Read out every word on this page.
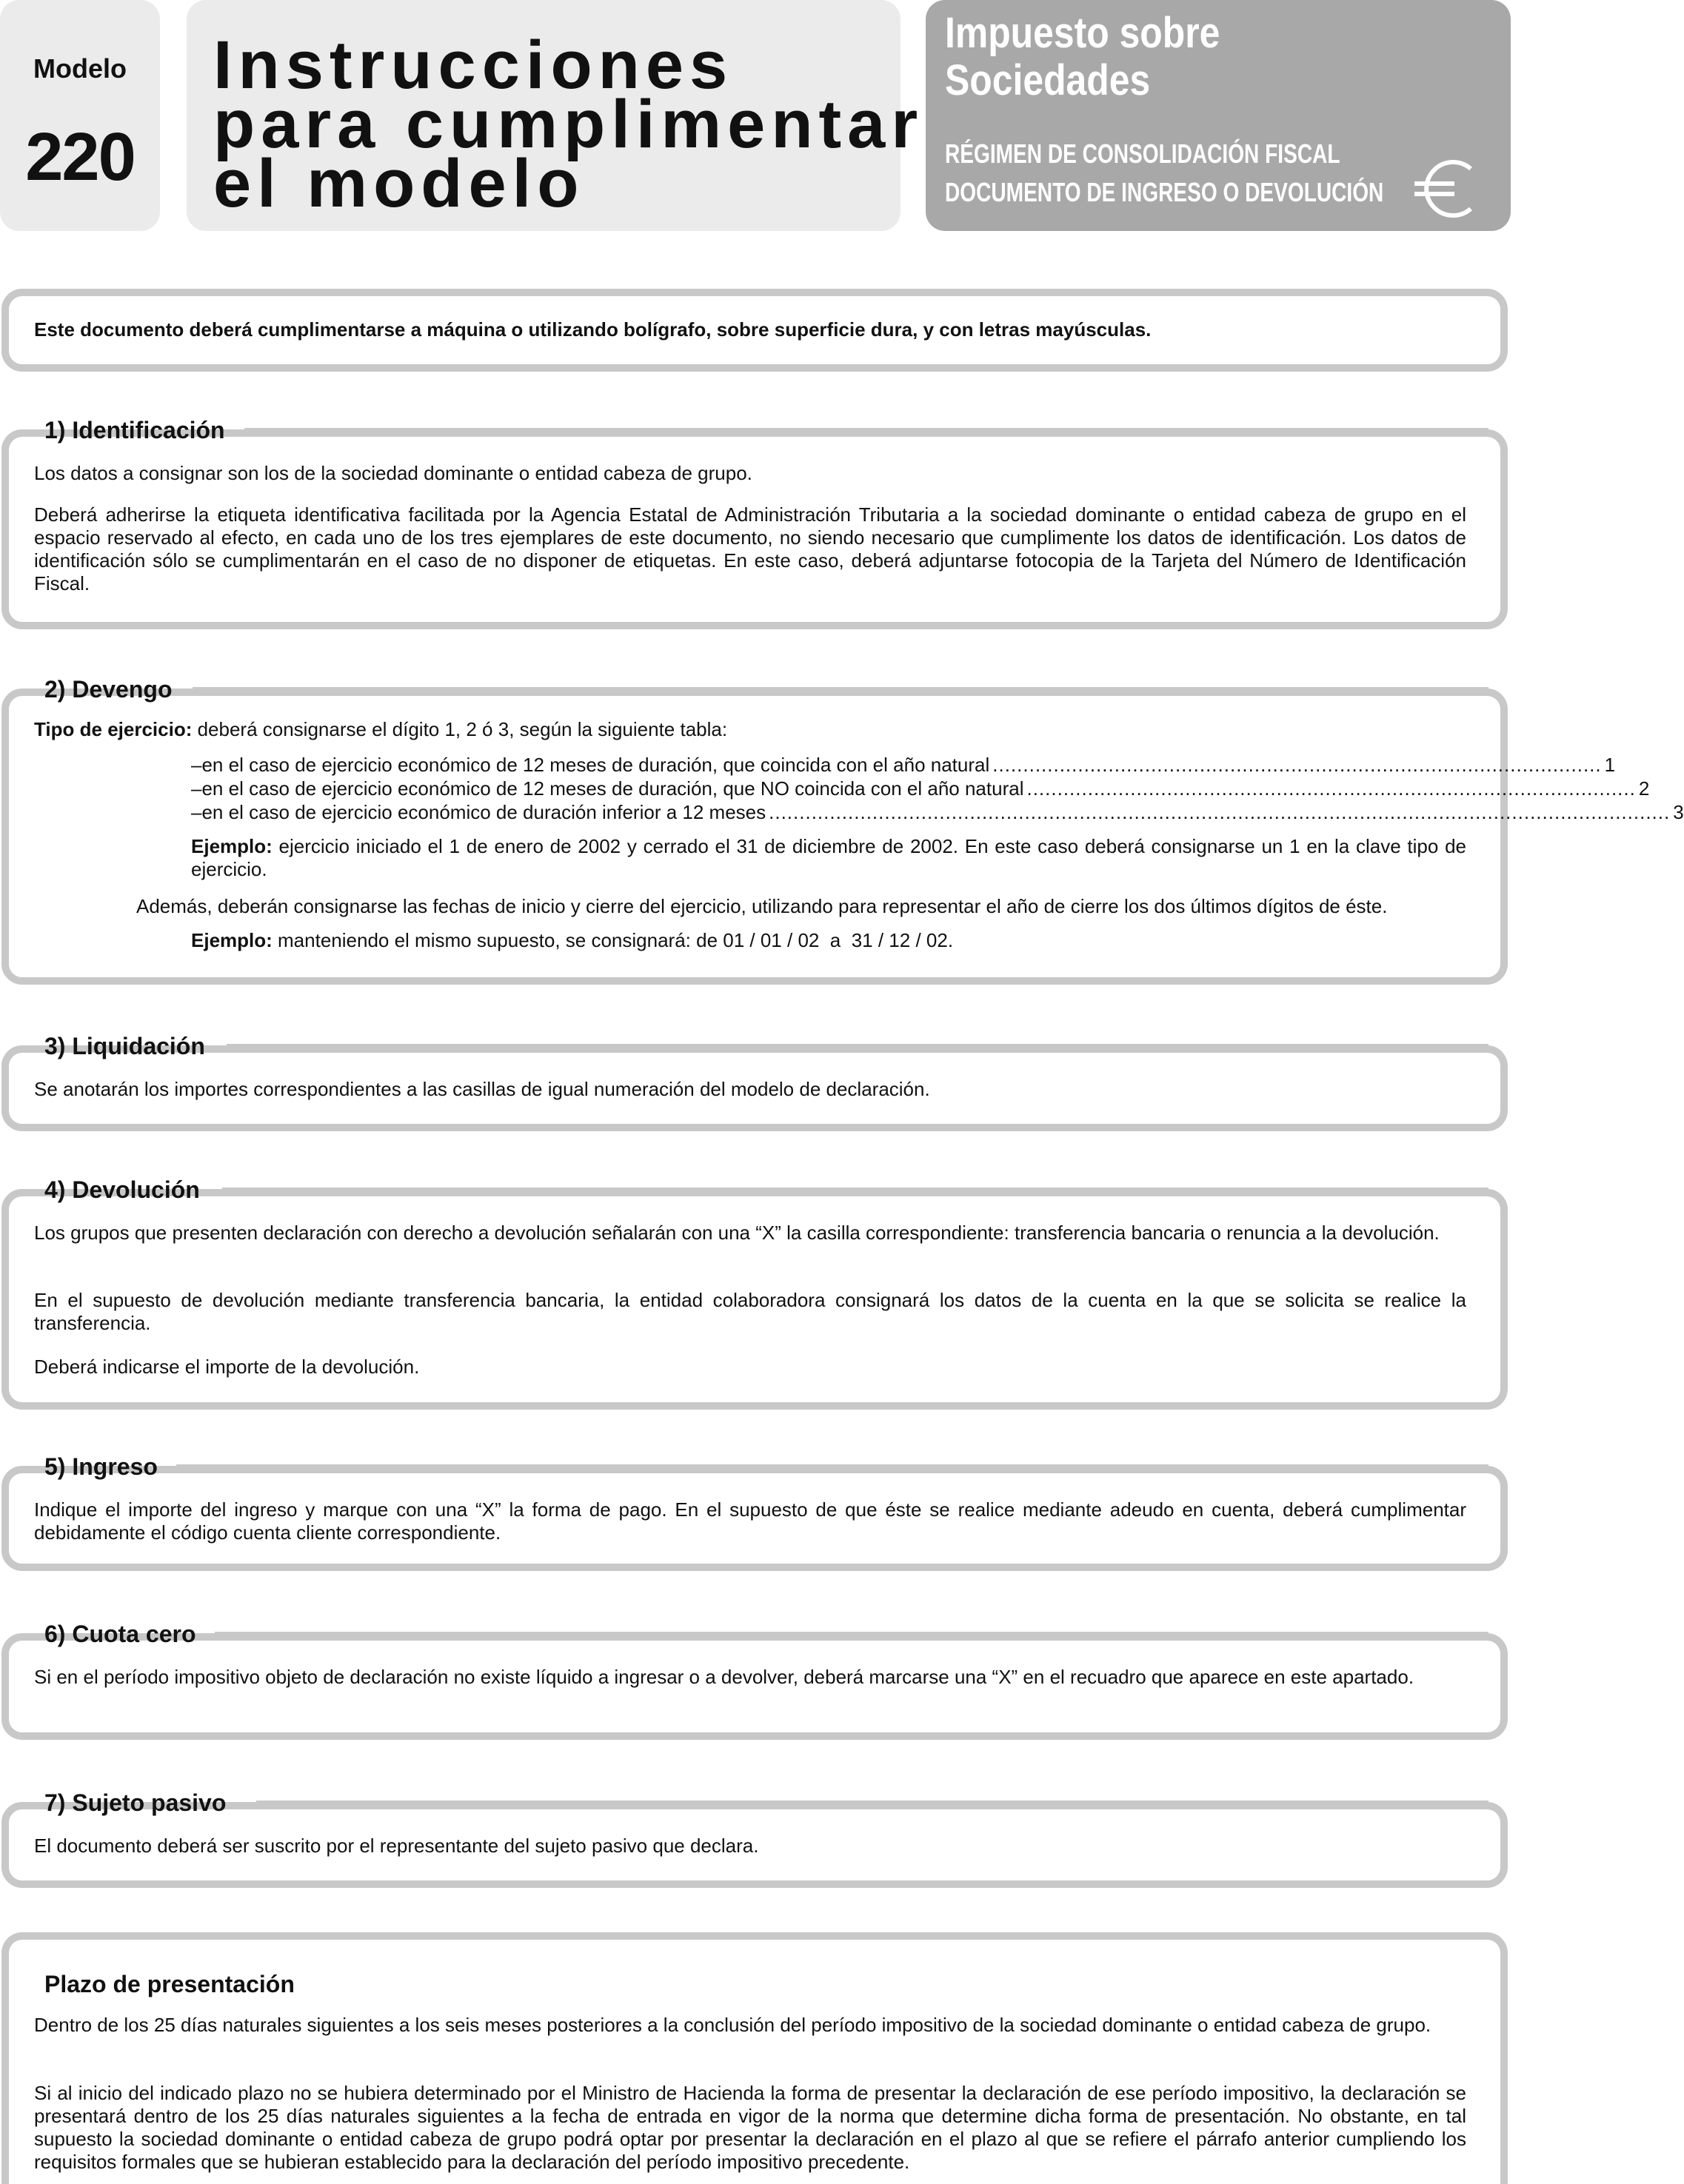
Modelo
220
Instrucciones
para cumplimentar
el modelo
Impuesto sobre
Sociedades
RÉGIMEN DE CONSOLIDACIÓN FISCAL
DOCUMENTO DE INGRESO O DEVOLUCIÓN
Este documento deberá cumplimentarse a máquina o utilizando bolígrafo, sobre superficie dura, y con letras mayúsculas.
1) Identificación
Los datos a consignar son los de la sociedad dominante o entidad cabeza de grupo.
Deberá adherirse la etiqueta identificativa facilitada por la Agencia Estatal de Administración Tributaria a la sociedad dominante o entidad cabeza de grupo en el espacio reservado al efecto, en cada uno de los tres ejemplares de este documento, no siendo necesario que cumplimente los datos de identificación. Los datos de identificación sólo se cumplimentarán en el caso de no disponer de etiquetas. En este caso, deberá adjuntarse fotocopia de la Tarjeta del Número de Identificación Fiscal.
2) Devengo
Tipo de ejercicio: deberá consignarse el dígito 1, 2 ó 3, según la siguiente tabla:
– en el caso de ejercicio económico de 12 meses de duración, que coincida con el año natural .................................................................................................... 1
– en el caso de ejercicio económico de 12 meses de duración, que NO coincida con el año natural .................................................................................................... 2
– en el caso de ejercicio económico de duración inferior a 12 meses .................................................................................................................................................... 3
Ejemplo: ejercicio iniciado el 1 de enero de 2002 y cerrado el 31 de diciembre de 2002. En este caso deberá consignarse un 1 en la clave tipo de ejercicio.
Además, deberán consignarse las fechas de inicio y cierre del ejercicio, utilizando para representar el año de cierre los dos últimos dígitos de éste.
Ejemplo: manteniendo el mismo supuesto, se consignará: de 01 / 01 / 02  a  31 / 12 / 02.
3) Liquidación
Se anotarán los importes correspondientes a las casillas de igual numeración del modelo de declaración.
4) Devolución
Los grupos que presenten declaración con derecho a devolución señalarán con una “X” la casilla correspondiente: transferencia bancaria o renuncia a la devolución.
En el supuesto de devolución mediante transferencia bancaria, la entidad colaboradora consignará los datos de la cuenta en la que se solicita se realice la transferencia.
Deberá indicarse el importe de la devolución.
5) Ingreso
Indique el importe del ingreso y marque con una “X” la forma de pago. En el supuesto de que éste se realice mediante adeudo en cuenta, deberá cumplimentar debidamente el código cuenta cliente correspondiente.
6) Cuota cero
Si en el período impositivo objeto de declaración no existe líquido a ingresar o a devolver, deberá marcarse una “X” en el recuadro que aparece en este apartado.
7) Sujeto pasivo
El documento deberá ser suscrito por el representante del sujeto pasivo que declara.
Plazo de presentación
Dentro de los 25 días naturales siguientes a los seis meses posteriores a la conclusión del período impositivo de la sociedad dominante o entidad cabeza de grupo.
Si al inicio del indicado plazo no se hubiera determinado por el Ministro de Hacienda la forma de presentar la declaración de ese período impositivo, la declaración se presentará dentro de los 25 días naturales siguientes a la fecha de entrada en vigor de la norma que determine dicha forma de presentación. No obstante, en tal supuesto la sociedad dominante o entidad cabeza de grupo podrá optar por presentar la declaración en el plazo al que se refiere el párrafo anterior cumpliendo los requisitos formales que se hubieran establecido para la declaración del período impositivo precedente.
